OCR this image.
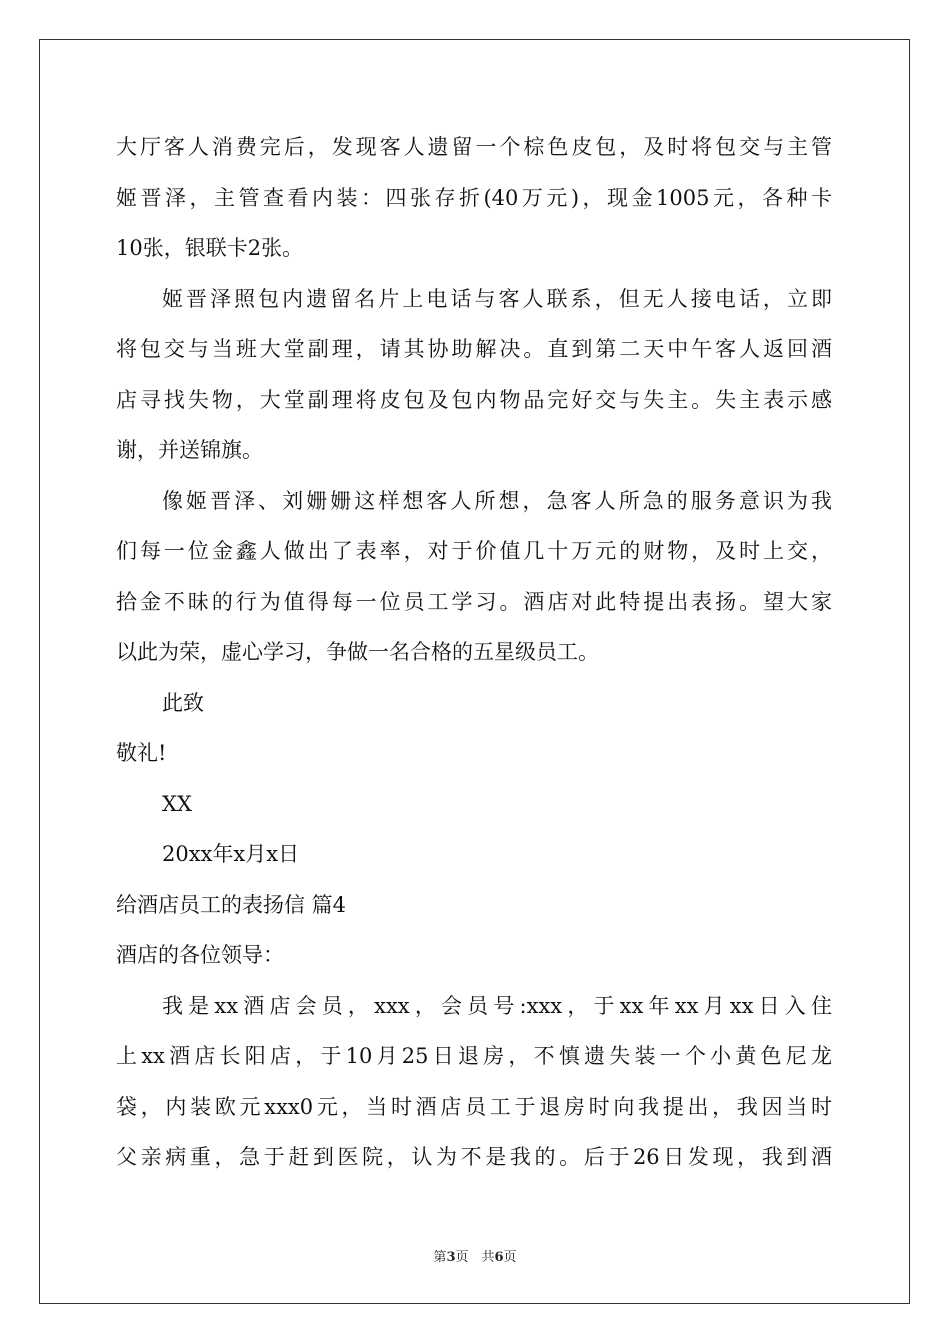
大厅客人消费完后，发现客人遗留一个棕色皮包，及时将包交与主管
姬晋泽，主管查看内装：四张存折(40万元)，现金1005元，各种卡
10张，银联卡2张。
姬晋泽照包内遗留名片上电话与客人联系，但无人接电话，立即
将包交与当班大堂副理，请其协助解决。直到第二天中午客人返回酒
店寻找失物，大堂副理将皮包及包内物品完好交与失主。失主表示感
谢，并送锦旗。
像姬晋泽、刘姗姗这样想客人所想，急客人所急的服务意识为我
们每一位金鑫人做出了表率，对于价值几十万元的财物，及时上交，
拾金不昧的行为值得每一位员工学习。酒店对此特提出表扬。望大家
以此为荣，虚心学习，争做一名合格的五星级员工。
此致
敬礼!
XX
20xx年x月x日
给酒店员工的表扬信 篇4
酒店的各位领导：
我是xx酒店会员，xxx，会员号:xxx，于xx年xx月xx日入住
上xx酒店长阳店，于10月25日退房，不慎遗失装一个小黄色尼龙
袋，内装欧元xxx0元，当时酒店员工于退房时向我提出，我因当时
父亲病重，急于赶到医院，认为不是我的。后于26日发现，我到酒
第3页　共6页
